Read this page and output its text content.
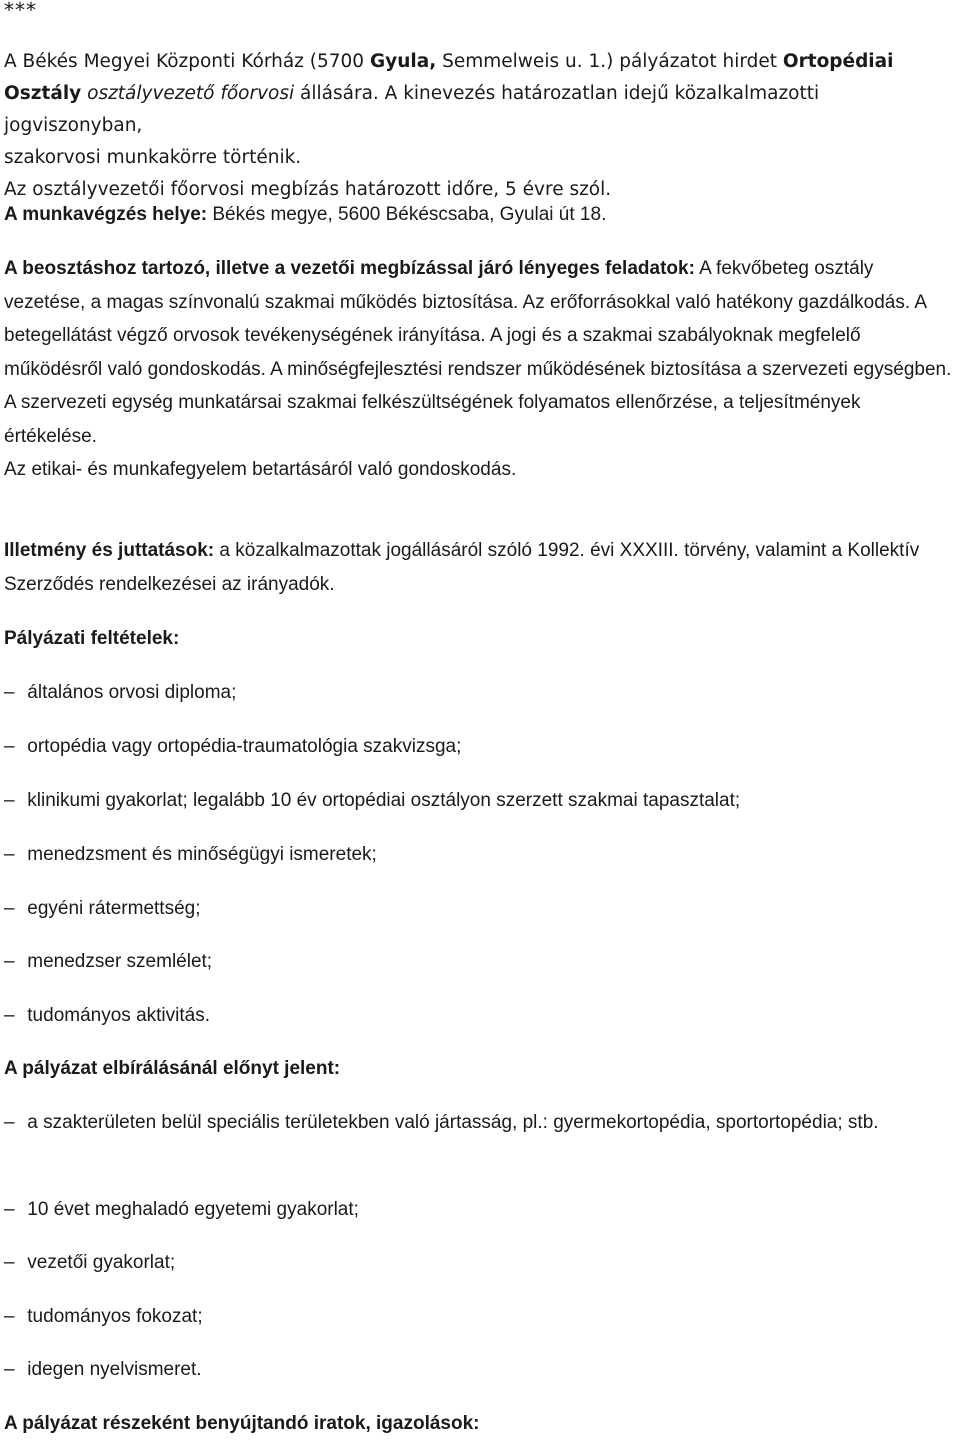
***

A Békés Megyei Központi Kórház (5700 Gyula, Semmelweis u. 1.) pályázatot hirdet Ortopédiai

Osztály osztályvezető főorvosi állására. A kinevezés határozatlan idejű közalkalmazotti jogviszonyban,

szakorvosi munkakörre történik.

Az osztályvezetői főorvosi megbízás határozott időre, 5 évre szól.

A munkavégzés helye: Békés megye, 5600 Békéscsaba, Gyulai út 18.

A beosztáshoz tartozó, illetve a vezetői megbízással járó lényeges feladatok: A fekvőbeteg osztály vezetése, a magas színvonalú szakmai működés biztosítása. Az erőforrásokkal való hatékony gazdálkodás. A betegellátást végző orvosok tevékenységének irányítása. A jogi és a szakmai szabályoknak megfelelő működésről való gondoskodás. A minőségfejlesztési rendszer működésének biztosítása a szervezeti egységben.

A szervezeti egység munkatársai szakmai felkészültségének folyamatos ellenőrzése, a teljesítmények értékelése.

Az etikai- és munkafegyelem betartásáról való gondoskodás.

Illetmény és juttatások: a közalkalmazottak jogállásáról szóló 1992. évi XXXIII. törvény, valamint a Kollektív Szerződés rendelkezései az irányadók.

Pályázati feltételek:

– általános orvosi diploma;

– ortopédia vagy ortopédia-traumatológia szakvizsga;

– klinikumi gyakorlat; legalább 10 év ortopédiai osztályon szerzett szakmai tapasztalat;

– menedzsment és minőségügyi ismeretek;

– egyéni rátermettség;

– menedzser szemlélet;

– tudományos aktivitás.

A pályázat elbírálásánál előnyt jelent:

– a szakterületen belül speciális területekben való jártasság, pl.: gyermekortopédia, sportortopédia; stb.

– 10 évet meghaladó egyetemi gyakorlat;

– vezetői gyakorlat;

– tudományos fokozat;

– idegen nyelvismeret.

A pályázat részeként benyújtandó iratok, igazolások:
